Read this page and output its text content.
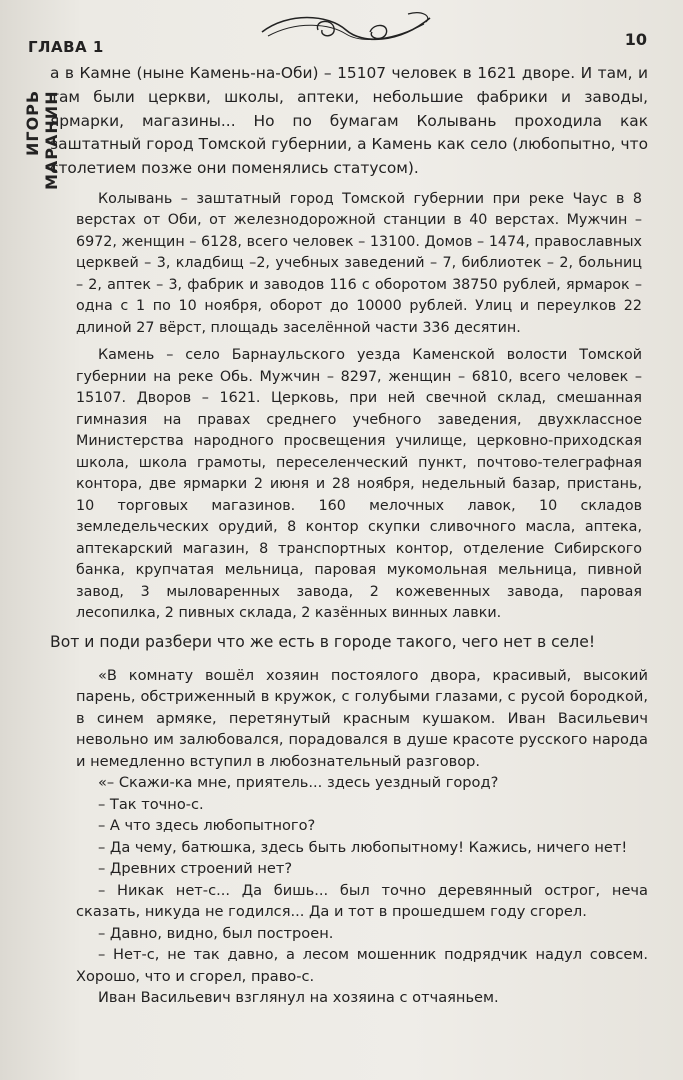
ГЛАВА 1	10
ИГОРЬ МАРАНИН

а в Камне (ныне Камень-на-Оби) – 15107 человек в 1621 дворе. И там, и там были церкви, школы, аптеки, небольшие фабрики и заводы, ярмарки, магазины... Но по бумагам Колывань проходила как заштатный город Томской губернии, а Камень как село (любопытно, что столетием позже они поменялись статусом).

Колывань – заштатный город Томской губернии при реке Чаус в 8 верстах от Оби, от железнодорожной станции в 40 верстах. Мужчин – 6972, женщин – 6128, всего человек – 13100. Домов – 1474, православных церквей – 3, кладбищ –2, учебных заведений – 7, библиотек – 2, больниц – 2, аптек – 3, фабрик и заводов 116 с оборотом 38750 рублей, ярмарок – одна с 1 по 10 ноября, оборот до 10000 рублей. Улиц и переулков 22 длиной 27 вёрст, площадь заселённой части 336 десятин.

Камень – село Барнаульского уезда Каменской волости Томской губернии на реке Обь. Мужчин – 8297, женщин – 6810, всего человек – 15107. Дворов – 1621. Церковь, при ней свечной склад, смешанная гимназия на правах среднего учебного заведения, двухклассное Министерства народного просвещения училище, церковно-приходская школа, школа грамоты, переселенческий пункт, почтово-телеграфная контора, две ярмарки 2 июня и 28 ноября, недельный базар, пристань, 10 торговых магазинов. 160 мелочных лавок, 10 складов земледельческих орудий, 8 контор скупки сливочного масла, аптека, аптекарский магазин, 8 транспортных контор, отделение Сибирского банка, крупчатая мельница, паровая мукомольная мельница, пивной завод, 3 мыловаренных завода, 2 кожевенных завода, паровая лесопилка, 2 пивных склада, 2 казённых винных лавки.

Вот и поди разбери что же есть в городе такого, чего нет в селе!

«В комнату вошёл хозяин постоялого двора, красивый, высокий парень, обстриженный в кружок, с голубыми глазами, с русой бородкой, в синем армяке, перетянутый красным кушаком. Иван Васильевич невольно им залюбовался, порадовался в душе красоте русского народа и немедленно вступил в любознательный разговор.

«– Скажи-ка мне, приятель... здесь уездный город?

– Так точно-с.

– А что здесь любопытного?

– Да чему, батюшка, здесь быть любопытному! Кажись, ничего нет!

– Древних строений нет?

– Никак нет-с... Да бишь... был точно деревянный острог, неча сказать, никуда не годился... Да и тот в прошедшем году сгорел.

– Давно, видно, был построен.

– Нет-с, не так давно, а лесом мошенник подрядчик надул совсем. Хорошо, что и сгорел, право-с.

Иван Васильевич взглянул на хозяина с отчаяньем.
